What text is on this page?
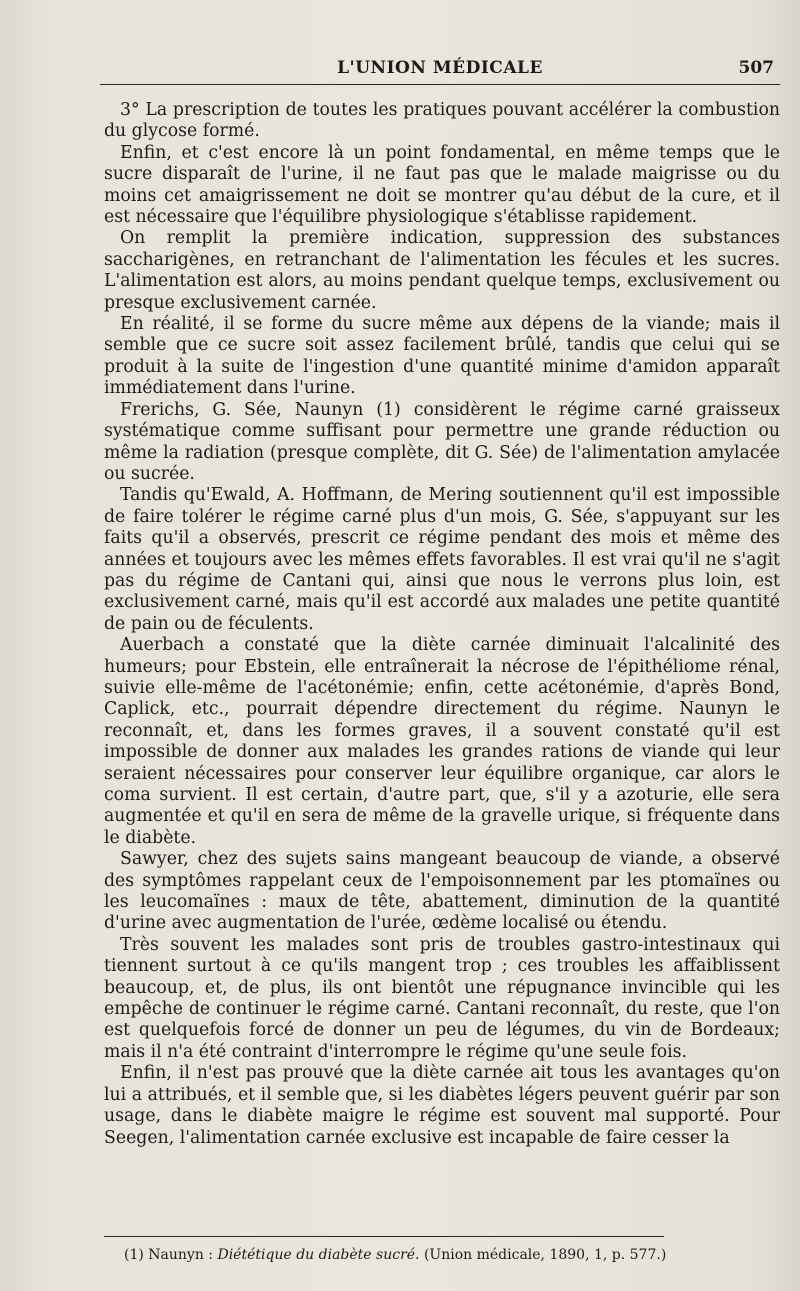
L'UNION MÉDICALE	507

3° La prescription de toutes les pratiques pouvant accélérer la combustion du glycose formé.

Enfin, et c'est encore là un point fondamental, en même temps que le sucre disparaît de l'urine, il ne faut pas que le malade maigrisse ou du moins cet amaigrissement ne doit se montrer qu'au début de la cure, et il est nécessaire que l'équilibre physiologique s'établisse rapidement.

On remplit la première indication, suppression des substances saccharigènes, en retranchant de l'alimentation les fécules et les sucres. L'alimentation est alors, au moins pendant quelque temps, exclusivement ou presque exclusivement carnée.

En réalité, il se forme du sucre même aux dépens de la viande; mais il semble que ce sucre soit assez facilement brûlé, tandis que celui qui se produit à la suite de l'ingestion d'une quantité minime d'amidon apparaît immédiatement dans l'urine.

Frerichs, G. Sée, Naunyn (1) considèrent le régime carné graisseux systématique comme suffisant pour permettre une grande réduction ou même la radiation (presque complète, dit G. Sée) de l'alimentation amylacée ou sucrée.

Tandis qu'Ewald, A. Hoffmann, de Mering soutiennent qu'il est impossible de faire tolérer le régime carné plus d'un mois, G. Sée, s'appuyant sur les faits qu'il a observés, prescrit ce régime pendant des mois et même des années et toujours avec les mêmes effets favorables. Il est vrai qu'il ne s'agit pas du régime de Cantani qui, ainsi que nous le verrons plus loin, est exclusivement carné, mais qu'il est accordé aux malades une petite quantité de pain ou de féculents.

Auerbach a constaté que la diète carnée diminuait l'alcalinité des humeurs; pour Ebstein, elle entraînerait la nécrose de l'épithéliome rénal, suivie elle-même de l'acétonémie; enfin, cette acétonémie, d'après Bond, Caplick, etc., pourrait dépendre directement du régime. Naunyn le reconnaît, et, dans les formes graves, il a souvent constaté qu'il est impossible de donner aux malades les grandes rations de viande qui leur seraient nécessaires pour conserver leur équilibre organique, car alors le coma survient. Il est certain, d'autre part, que, s'il y a azoturie, elle sera augmentée et qu'il en sera de même de la gravelle urique, si fréquente dans le diabète.

Sawyer, chez des sujets sains mangeant beaucoup de viande, a observé des symptômes rappelant ceux de l'empoisonnement par les ptomaïnes ou les leucomaïnes : maux de tête, abattement, diminution de la quantité d'urine avec augmentation de l'urée, œdème localisé ou étendu.

Très souvent les malades sont pris de troubles gastro-intestinaux qui tiennent surtout à ce qu'ils mangent trop ; ces troubles les affaiblissent beaucoup, et, de plus, ils ont bientôt une répugnance invincible qui les empêche de continuer le régime carné. Cantani reconnaît, du reste, que l'on est quelquefois forcé de donner un peu de légumes, du vin de Bordeaux; mais il n'a été contraint d'interrompre le régime qu'une seule fois.

Enfin, il n'est pas prouvé que la diète carnée ait tous les avantages qu'on lui a attribués, et il semble que, si les diabètes légers peuvent guérir par son usage, dans le diabète maigre le régime est souvent mal supporté. Pour Seegen, l'alimentation carnée exclusive est incapable de faire cesser la

(1) Naunyn : Diététique du diabète sucré. (Union médicale, 1890, 1, p. 577.)
